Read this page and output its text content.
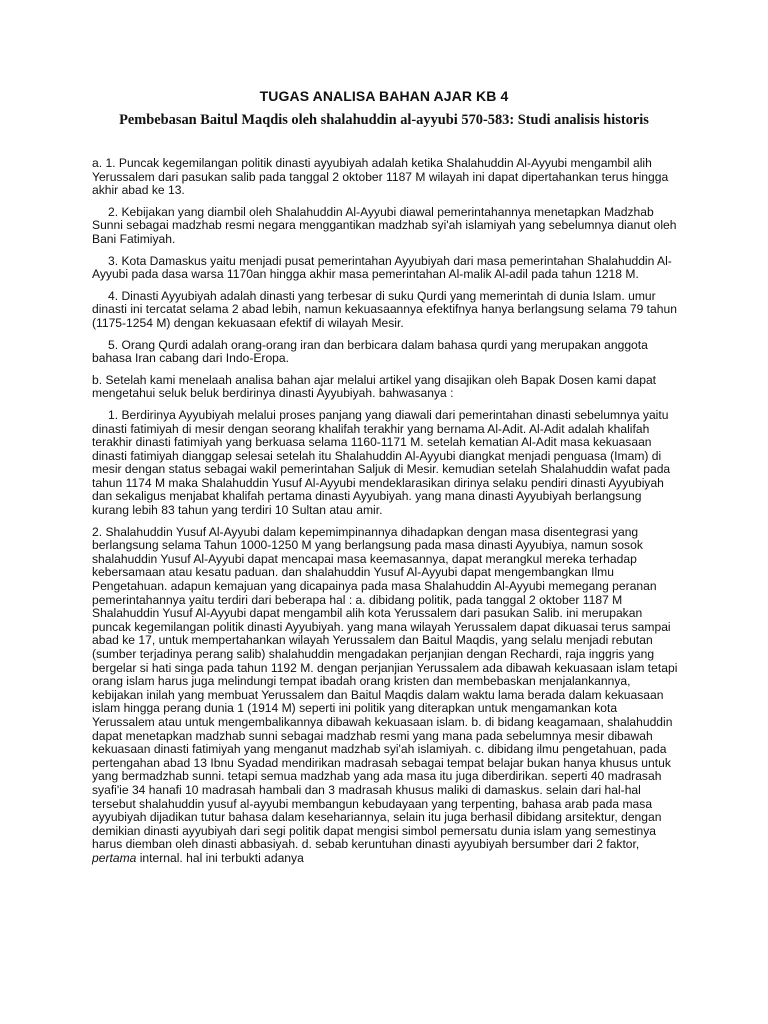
TUGAS ANALISA BAHAN AJAR KB 4
Pembebasan Baitul Maqdis oleh shalahuddin al-ayyubi 570-583: Studi analisis historis

a. 1. Puncak kegemilangan politik dinasti ayyubiyah adalah ketika Shalahuddin Al-Ayyubi mengambil alih Yerussalem dari pasukan salib pada tanggal 2 oktober 1187 M wilayah ini dapat dipertahankan terus hingga akhir abad ke 13.

2. Kebijakan yang diambil oleh Shalahuddin Al-Ayyubi diawal pemerintahannya menetapkan Madzhab Sunni sebagai madzhab resmi negara menggantikan madzhab syi'ah islamiyah yang sebelumnya dianut oleh Bani Fatimiyah.

3. Kota Damaskus yaitu menjadi pusat pemerintahan Ayyubiyah dari masa pemerintahan Shalahuddin Al-Ayyubi pada dasa warsa 1170an hingga akhir masa pemerintahan Al-malik Al-adil pada tahun 1218 M.

4. Dinasti Ayyubiyah adalah dinasti yang terbesar di suku Qurdi yang memerintah di dunia Islam. umur dinasti ini tercatat selama 2 abad lebih, namun kekuasaannya efektifnya hanya berlangsung selama 79 tahun (1175-1254 M) dengan kekuasaan efektif di wilayah Mesir.

5. Orang Qurdi adalah orang-orang iran dan berbicara dalam bahasa qurdi yang merupakan anggota bahasa Iran cabang dari Indo-Eropa.

b. Setelah kami menelaah analisa bahan ajar melalui artikel yang disajikan oleh Bapak Dosen kami dapat mengetahui seluk beluk berdirinya dinasti Ayyubiyah. bahwasanya :

1. Berdirinya Ayyubiyah melalui proses panjang yang diawali dari pemerintahan dinasti sebelumnya yaitu dinasti fatimiyah di mesir dengan seorang khalifah terakhir yang bernama Al-Adit. Al-Adit adalah khalifah terakhir dinasti fatimiyah yang berkuasa selama 1160-1171 M. setelah kematian Al-Adit masa kekuasaan dinasti fatimiyah dianggap selesai setelah itu Shalahuddin Al-Ayyubi diangkat menjadi penguasa (Imam) di mesir dengan status sebagai wakil pemerintahan Saljuk di Mesir. kemudian setelah Shalahuddin wafat pada tahun 1174 M maka Shalahuddin Yusuf Al-Ayyubi mendeklarasikan dirinya selaku pendiri dinasti Ayyubiyah dan sekaligus menjabat khalifah pertama dinasti Ayyubiyah. yang mana dinasti Ayyubiyah berlangsung kurang lebih 83 tahun yang terdiri 10 Sultan atau amir.

2. Shalahuddin Yusuf Al-Ayyubi dalam kepemimpinannya dihadapkan dengan masa disentegrasi yang berlangsung selama Tahun 1000-1250 M yang berlangsung pada masa dinasti Ayyubiya, namun sosok shalahuddin Yusuf Al-Ayyubi dapat mencapai masa keemasannya, dapat merangkul mereka terhadap kebersamaan atau kesatu paduan. dan shalahuddin Yusuf Al-Ayyubi dapat mengembangkan Ilmu Pengetahuan. adapun kemajuan yang dicapainya pada masa Shalahuddin Al-Ayyubi memegang peranan pemerintahannya yaitu terdiri dari beberapa hal : a. dibidang politik, pada tanggal 2 oktober 1187 M Shalahuddin Yusuf Al-Ayyubi dapat mengambil alih kota Yerussalem dari pasukan Salib. ini merupakan puncak kegemilangan politik dinasti Ayyubiyah. yang mana wilayah Yerussalem dapat dikuasai terus sampai abad ke 17, untuk mempertahankan wilayah Yerussalem dan Baitul Maqdis, yang selalu menjadi rebutan (sumber terjadinya perang salib) shalahuddin mengadakan perjanjian dengan Rechardi, raja inggris yang bergelar si hati singa pada tahun 1192 M. dengan perjanjian Yerussalem ada dibawah kekuasaan islam tetapi orang islam harus juga melindungi tempat ibadah orang kristen dan membebaskan menjalankannya, kebijakan inilah yang membuat Yerussalem dan Baitul Maqdis dalam waktu lama berada dalam kekuasaan islam hingga perang dunia 1 (1914 M) seperti ini politik yang diterapkan untuk mengamankan kota Yerussalem atau untuk mengembalikannya dibawah kekuasaan islam. b. di bidang keagamaan, shalahuddin dapat menetapkan madzhab sunni sebagai madzhab resmi yang mana pada sebelumnya mesir dibawah kekuasaan dinasti fatimiyah yang menganut madzhab syi'ah islamiyah. c. dibidang ilmu pengetahuan, pada pertengahan abad 13 Ibnu Syadad mendirikan madrasah sebagai tempat belajar bukan hanya khusus untuk yang bermadzhab sunni. tetapi semua madzhab yang ada masa itu juga diberdirikan. seperti 40 madrasah syafi'ie 34 hanafi 10 madrasah hambali dan 3 madrasah khusus maliki di damaskus. selain dari hal-hal tersebut shalahuddin yusuf al-ayyubi membangun kebudayaan yang terpenting, bahasa arab pada masa ayyubiyah dijadikan tutur bahasa dalam kesehariannya, selain itu juga berhasil dibidang arsitektur, dengan demikian dinasti ayyubiyah dari segi politik dapat mengisi simbol pemersatu dunia islam yang semestinya harus diemban oleh dinasti abbasiyah. d. sebab keruntuhan dinasti ayyubiyah bersumber dari 2 faktor, pertama internal. hal ini terbukti adanya
